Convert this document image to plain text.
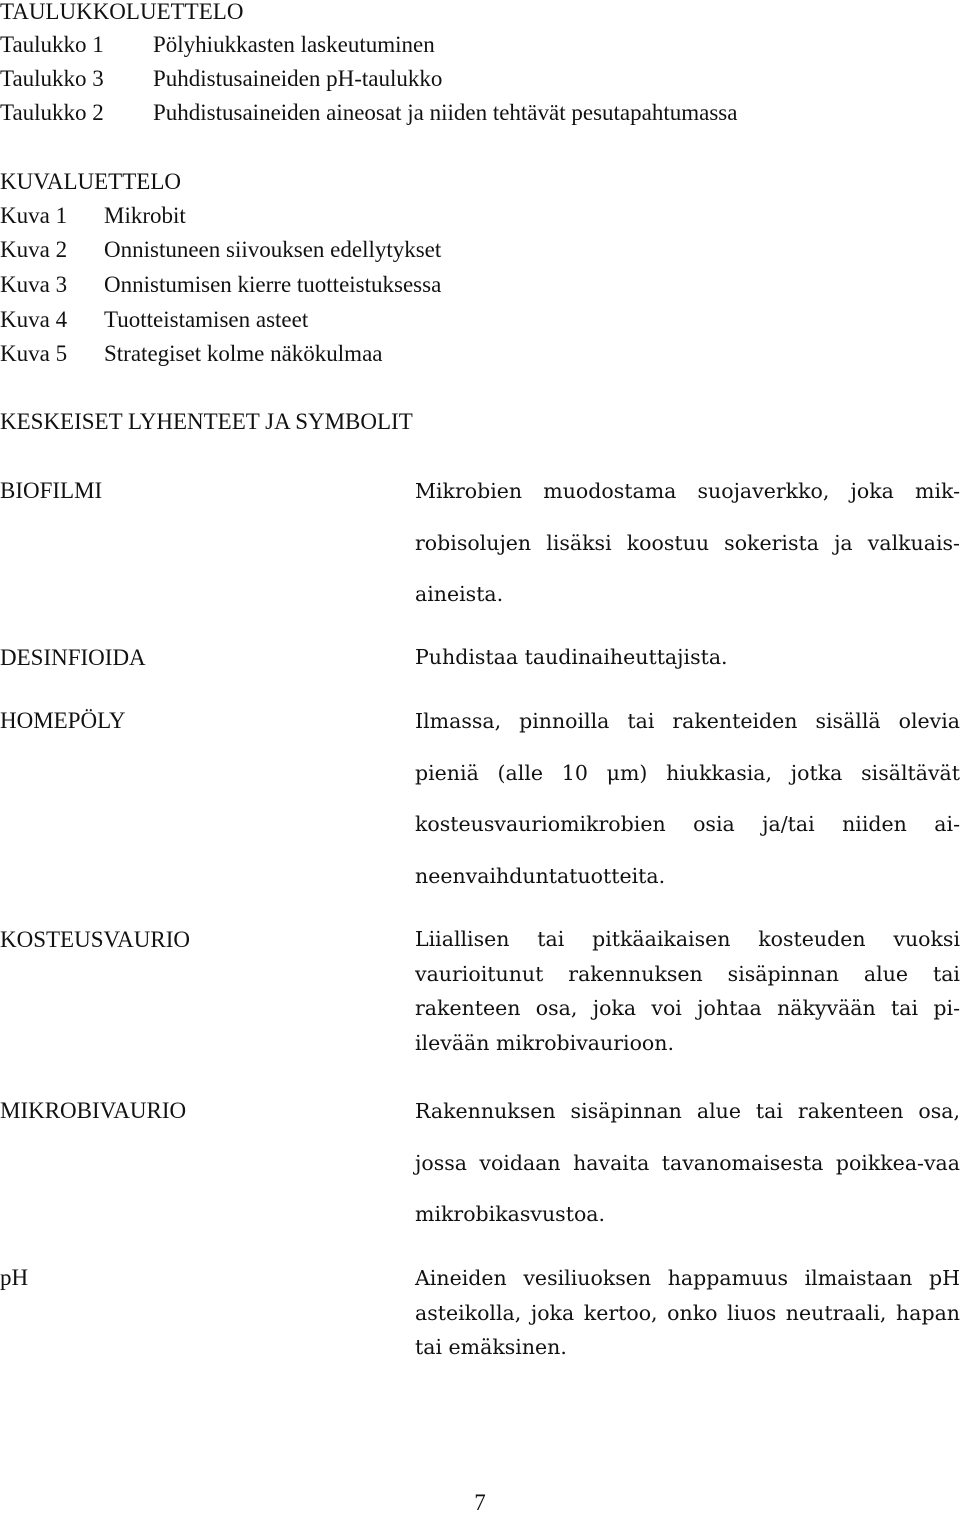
TAULUKKOLUETTELO
Taulukko 1 Pölyhiukkasten laskeutuminen
Taulukko 3 Puhdistusaineiden pH-taulukko
Taulukko 2 Puhdistusaineiden aineosat ja niiden tehtävät pesutapahtumassa
KUVALUETTELO
Kuva 1 Mikrobit
Kuva 2 Onnistuneen siivouksen edellytykset
Kuva 3 Onnistumisen kierre tuotteistuksessa
Kuva 4 Tuotteistamisen asteet
Kuva 5 Strategiset kolme näkökulmaa
KESKEISET LYHENTEET JA SYMBOLIT
BIOFILMI	Mikrobien muodostama suojaverkko, joka mik-robisolujen lisäksi koostuu sokerista ja valkuais-aineista.
DESINFIOIDA	Puhdistaa taudinaiheuttajista.
HOMEPÖLY	Ilmassa, pinnoilla tai rakenteiden sisällä olevia pieniä (alle 10 μm) hiukkasia, jotka sisältävät kosteusvauriomikrobien osia ja/tai niiden ai-neenvaihduntatuotteita.
KOSTEUSVAURIO	Liiallisen tai pitkäaikaisen kosteuden vuoksi vaurioitunut rakennuksen sisäpinnan alue tai rakenteen osa, joka voi johtaa näkyvään tai pi-ilevään mikrobivaurioon.
MIKROBIVAURIO	Rakennuksen sisäpinnan alue tai rakenteen osa, jossa voidaan havaita tavanomaisesta poikkea-vaa mikrobikasvustoa.
pH	Aineiden vesiliuoksen happamuus ilmaistaan pH asteikolla, joka kertoo, onko liuos neutraali, hapan tai emäksinen.
7
